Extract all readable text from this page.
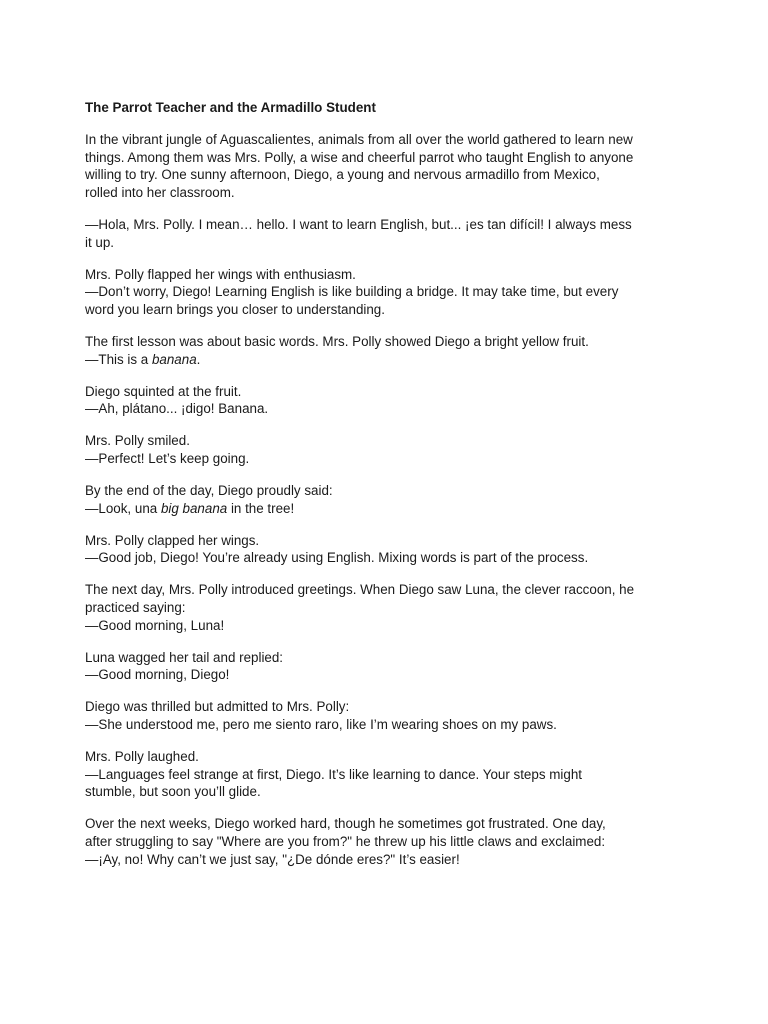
The Parrot Teacher and the Armadillo Student
In the vibrant jungle of Aguascalientes, animals from all over the world gathered to learn new
things. Among them was Mrs. Polly, a wise and cheerful parrot who taught English to anyone
willing to try. One sunny afternoon, Diego, a young and nervous armadillo from Mexico,
rolled into her classroom.
—Hola, Mrs. Polly. I mean… hello. I want to learn English, but... ¡es tan difícil! I always mess
it up.
Mrs. Polly flapped her wings with enthusiasm.
—Don’t worry, Diego! Learning English is like building a bridge. It may take time, but every
word you learn brings you closer to understanding.
The first lesson was about basic words. Mrs. Polly showed Diego a bright yellow fruit.
—This is a banana.
Diego squinted at the fruit.
—Ah, plátano... ¡digo! Banana.
Mrs. Polly smiled.
—Perfect! Let’s keep going.
By the end of the day, Diego proudly said:
—Look, una big banana in the tree!
Mrs. Polly clapped her wings.
—Good job, Diego! You’re already using English. Mixing words is part of the process.
The next day, Mrs. Polly introduced greetings. When Diego saw Luna, the clever raccoon, he
practiced saying:
—Good morning, Luna!
Luna wagged her tail and replied:
—Good morning, Diego!
Diego was thrilled but admitted to Mrs. Polly:
—She understood me, pero me siento raro, like I’m wearing shoes on my paws.
Mrs. Polly laughed.
—Languages feel strange at first, Diego. It’s like learning to dance. Your steps might
stumble, but soon you’ll glide.
Over the next weeks, Diego worked hard, though he sometimes got frustrated. One day,
after struggling to say "Where are you from?" he threw up his little claws and exclaimed:
—¡Ay, no! Why can’t we just say, "¿De dónde eres?" It’s easier!
